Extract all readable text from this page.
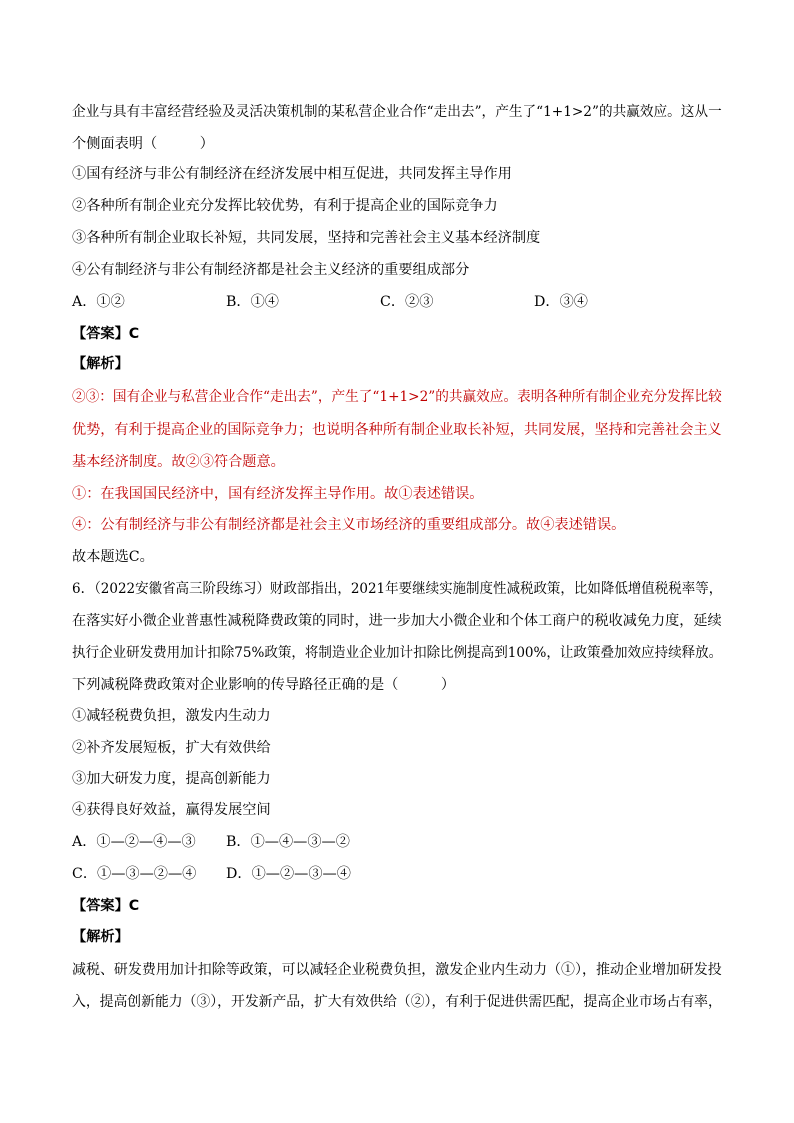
企业与具有丰富经营经验及灵活决策机制的某私营企业合作“走出去”，产生了“1+1>2”的共赢效应。这从一
个侧面表明（　　　）
①国有经济与非公有制经济在经济发展中相互促进，共同发挥主导作用
②各种所有制企业充分发挥比较优势，有利于提高企业的国际竞争力
③各种所有制企业取长补短，共同发展，坚持和完善社会主义基本经济制度
④公有制经济与非公有制经济都是社会主义经济的重要组成部分
A．①②	B．①④	C．②③	D．③④
【答案】C
【解析】
②③：国有企业与私营企业合作“走出去”，产生了“1+1>2”的共赢效应。表明各种所有制企业充分发挥比较
优势，有利于提高企业的国际竞争力；也说明各种所有制企业取长补短，共同发展，坚持和完善社会主义
基本经济制度。故②③符合题意。
①：在我国国民经济中，国有经济发挥主导作用。故①表述错误。
④：公有制经济与非公有制经济都是社会主义市场经济的重要组成部分。故④表述错误。
故本题选C。
6．（2022安徽省高三阶段练习）财政部指出，2021年要继续实施制度性减税政策，比如降低增值税税率等，
在落实好小微企业普惠性减税降费政策的同时，进一步加大小微企业和个体工商户的税收减免力度，延续
执行企业研发费用加计扣除75%政策，将制造业企业加计扣除比例提高到100%，让政策叠加效应持续释放。
下列减税降费政策对企业影响的传导路径正确的是（　　　）
①减轻税费负担，激发内生动力
②补齐发展短板，扩大有效供给
③加大研发力度，提高创新能力
④获得良好效益，赢得发展空间
A．①—②—④—③ B．①—④—③—②
C．①—③—②—④ D．①—②—③—④
【答案】C
【解析】
减税、研发费用加计扣除等政策，可以减轻企业税费负担，激发企业内生动力（①），推动企业增加研发投
入，提高创新能力（③），开发新产品，扩大有效供给（②），有利于促进供需匹配，提高企业市场占有率，
